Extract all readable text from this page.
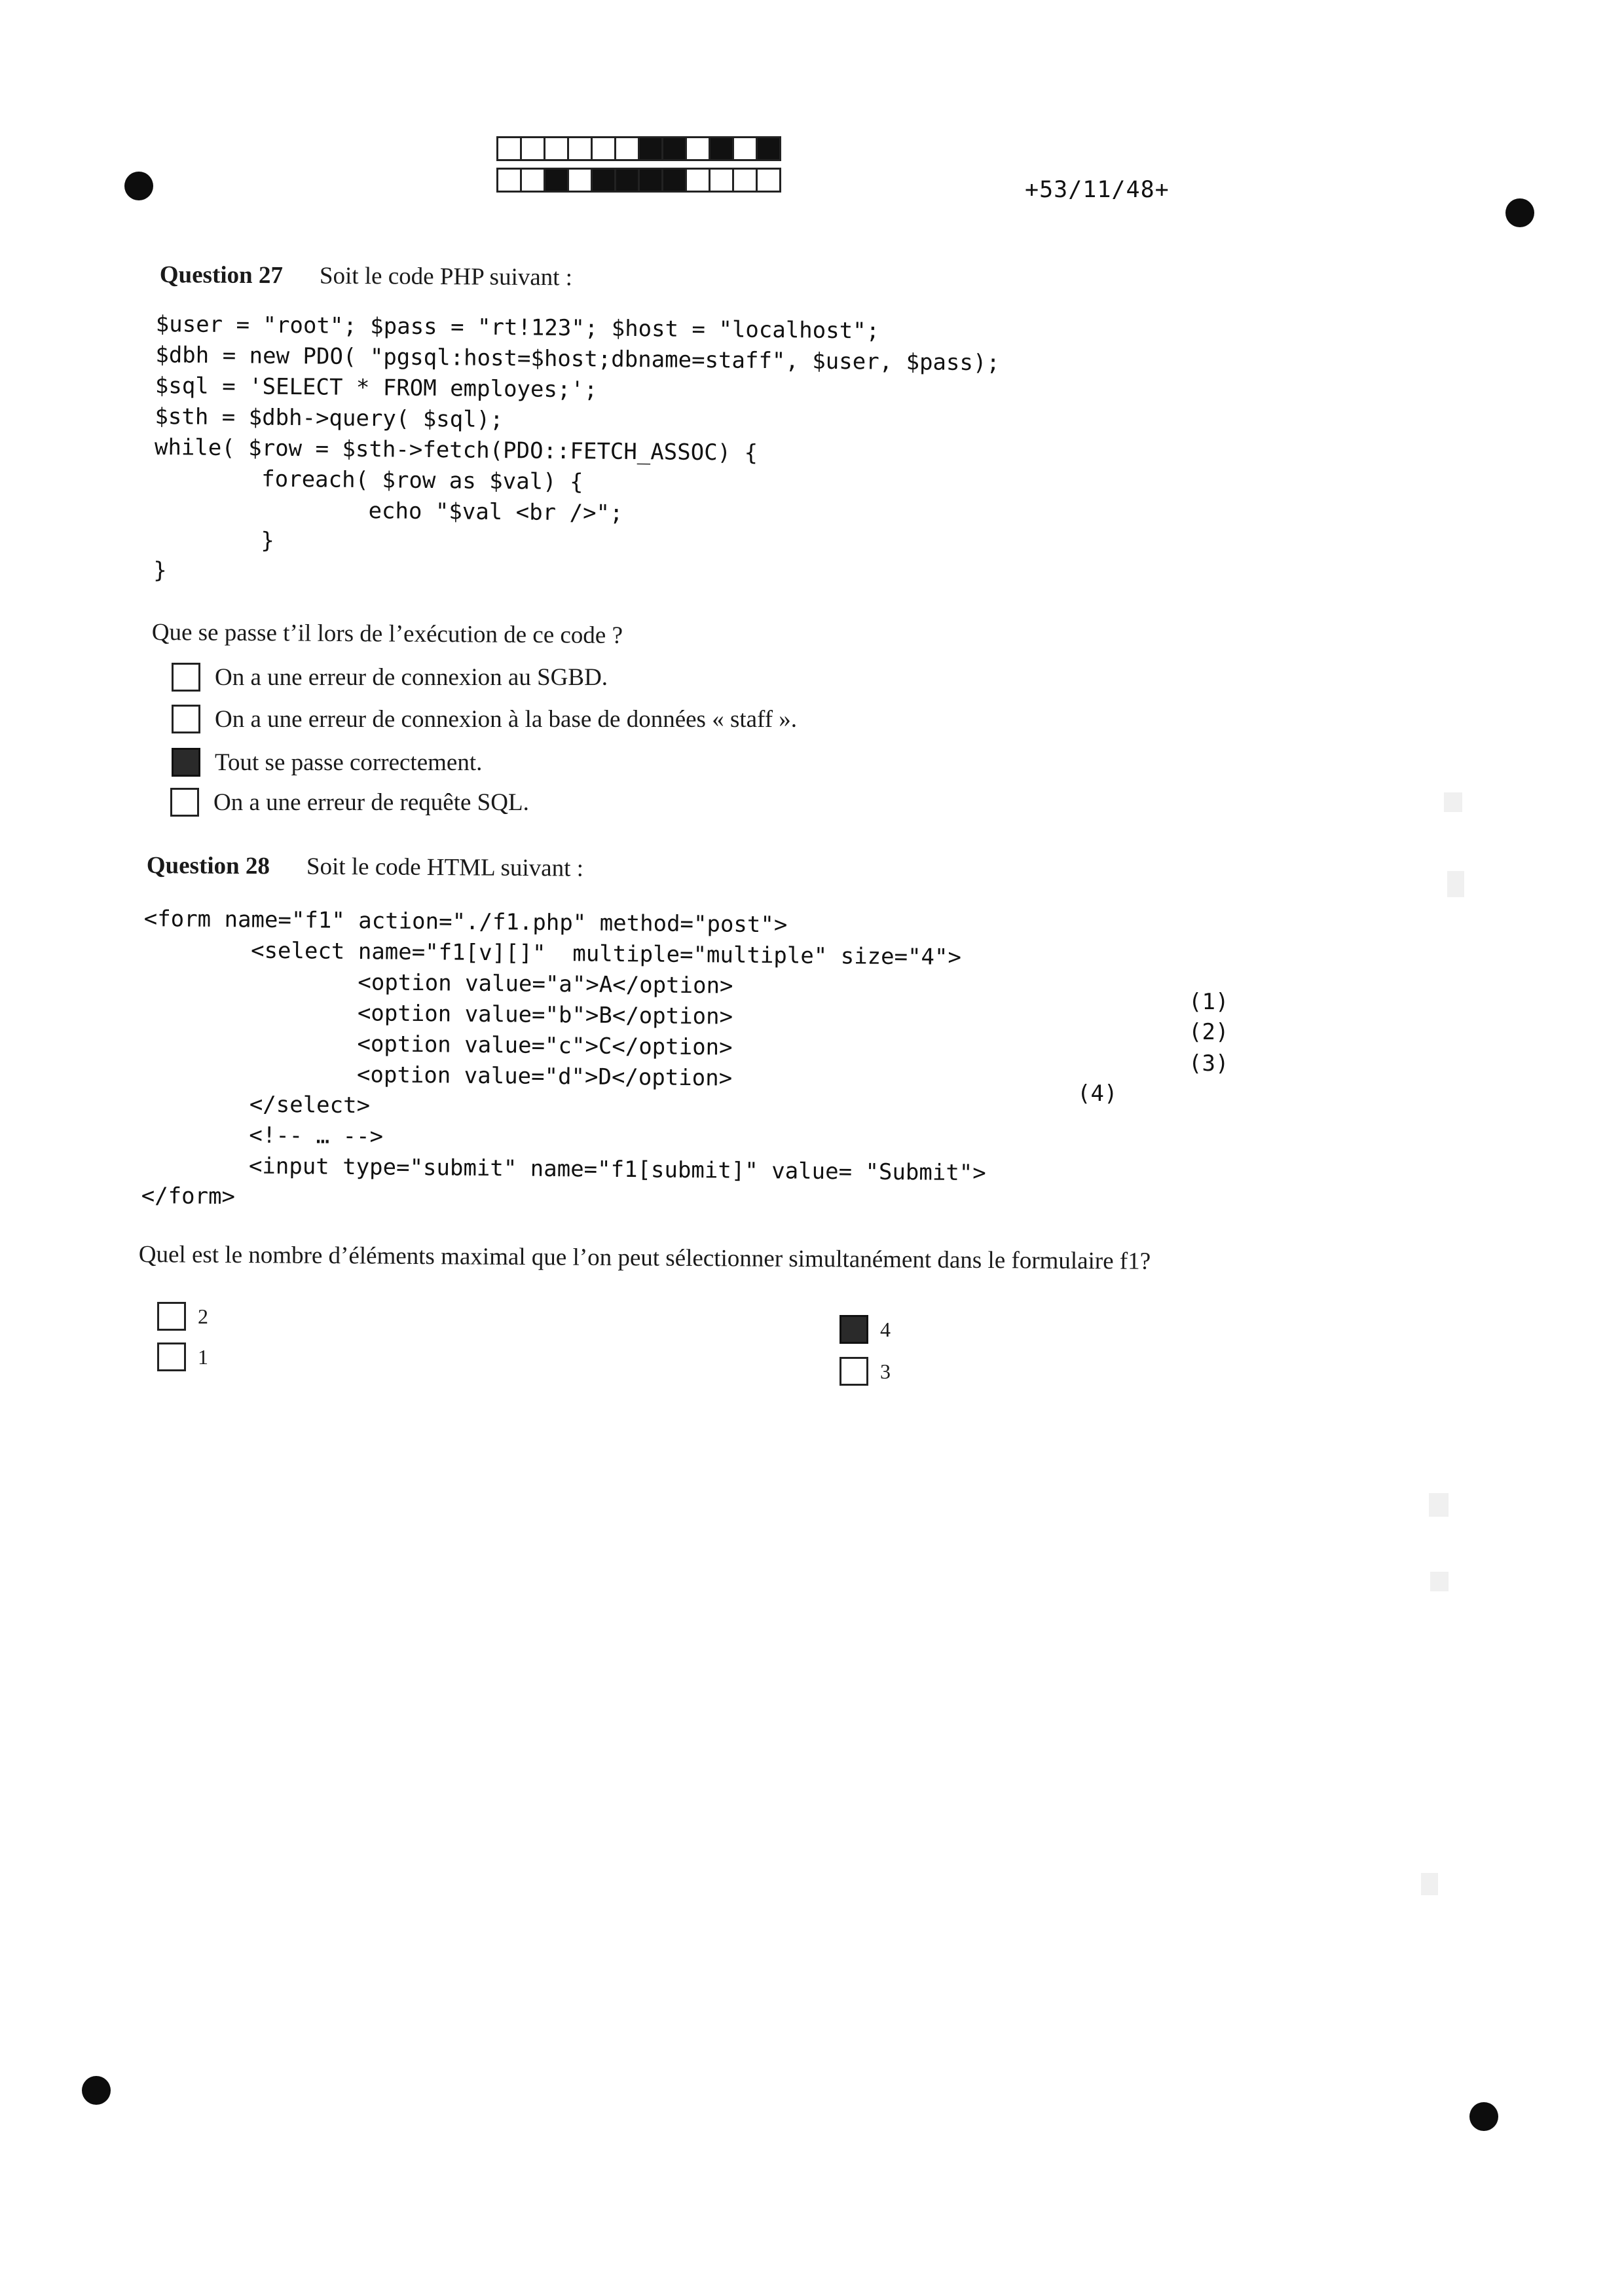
+53/11/48+
Question 27 Soit le code PHP suivant :
$user = "root"; $pass = "rt!123"; $host = "localhost";
$dbh = new PDO( "pgsql:host=$host;dbname=staff", $user, $pass);
$sql = 'SELECT * FROM employes;';
$sth = $dbh->query( $sql);
while( $row = $sth->fetch(PDO::FETCH_ASSOC) {
foreach( $row as $val) {
echo "$val <br />";
}
}
Que se passe t’il lors de l’exécution de ce code ?
On a une erreur de connexion au SGBD.
On a une erreur de connexion à la base de données « staff ».
Tout se passe correctement.
On a une erreur de requête SQL.
Question 28 Soit le code HTML suivant :
<form name="f1" action="./f1.php" method="post">
<select name="f1[v][]"  multiple="multiple" size="4">
<option value="a">A</option>
<option value="b">B</option>
<option value="c">C</option>
<option value="d">D</option>
</select>
<!-- … -->
<input type="submit" name="f1[submit]" value= "Submit">
</form>
(1)
(2)
(3)
(4)
Quel est le nombre d’éléments maximal que l’on peut sélectionner simultanément dans le formulaire f1?
2
1
4
3
